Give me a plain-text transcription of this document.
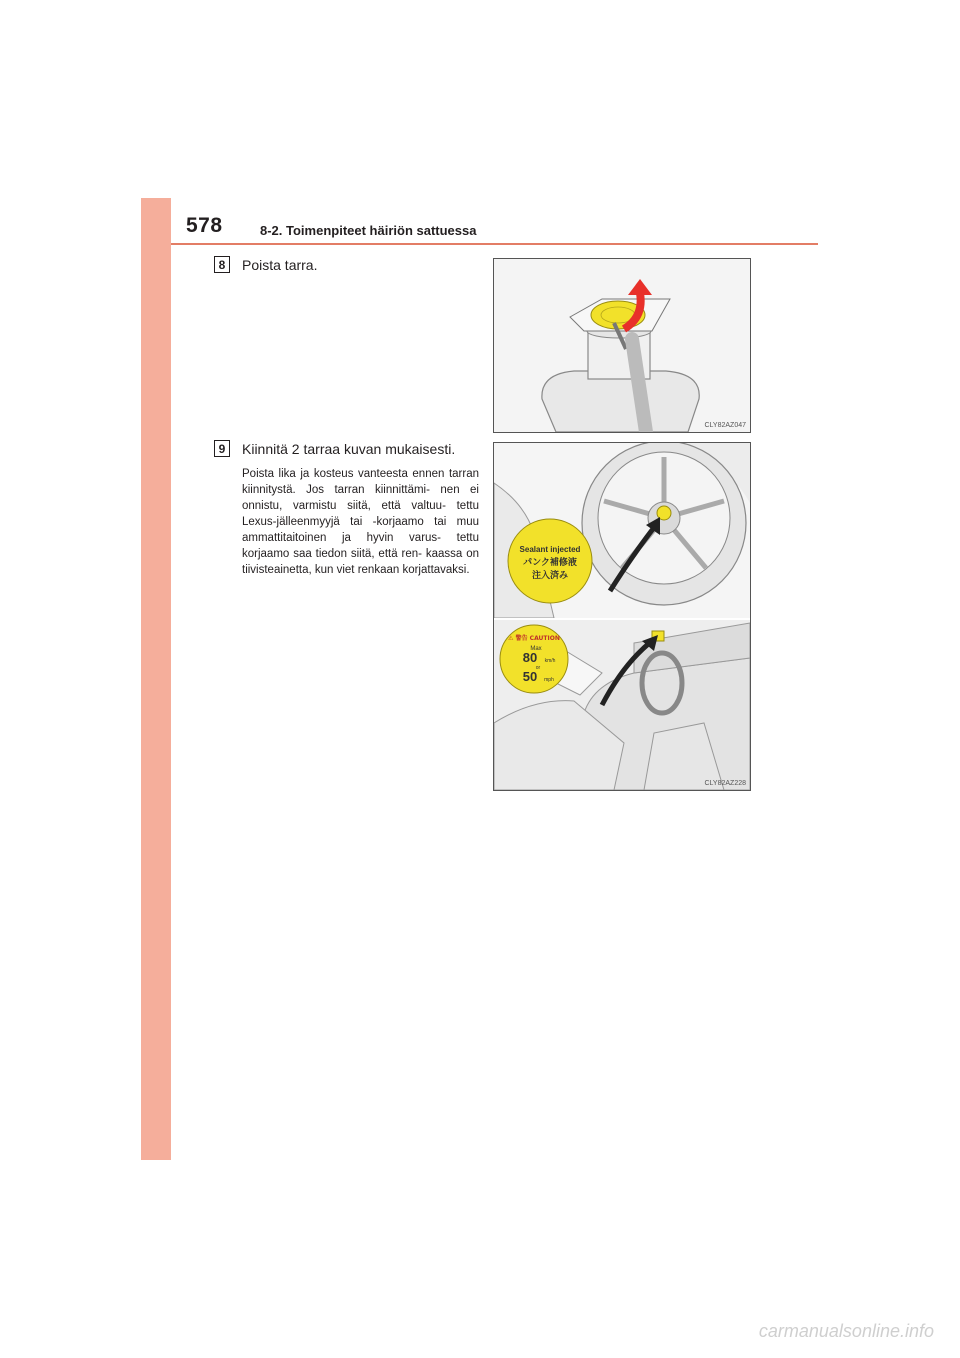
578	8-2. Toimenpiteet häiriön sattuessa
8	Poista tarra.
CLY82AZ047
9	Kiinnitä 2 tarraa kuvan mukaisesti.
Poista lika ja kosteus vanteesta ennen tarran kiinnitystä. Jos tarran kiinnittämi- nen ei onnistu, varmistu siitä, että valtuu- tettu Lexus-jälleenmyyjä tai -korjaamo tai muu ammattitaitoinen ja hyvin varus- tettu korjaamo saa tiedon siitä, että ren- kaassa on tiivisteainetta, kun viet renkaan korjattavaksi.
Sealant injected
パンク補修液
注入済み
⚠ 警告 CAUTION
Max
80 km/h
or
50 mph
CLY82AZ228
carmanualsonline.info
